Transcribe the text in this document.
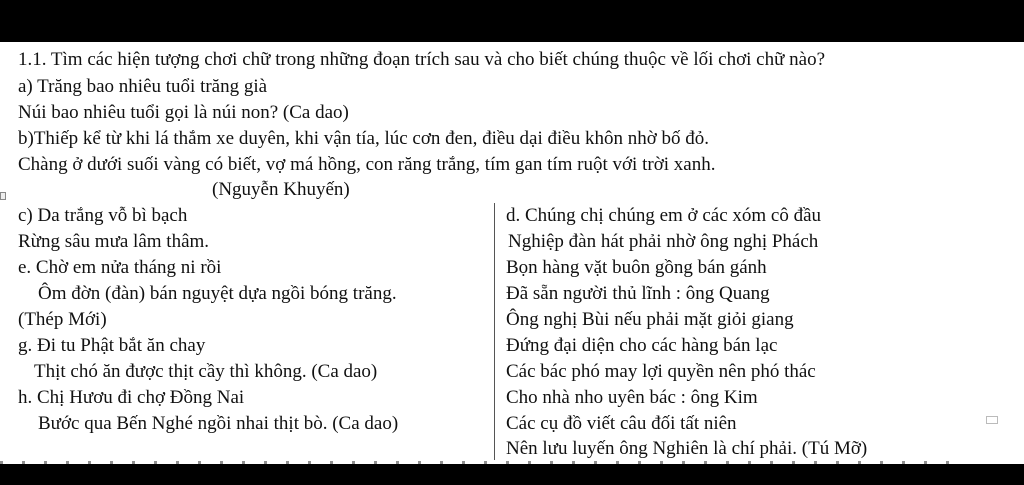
1.1. Tìm các hiện tượng chơi chữ trong những đoạn trích sau và cho biết chúng thuộc về lối chơi chữ nào?
a) Trăng bao nhiêu tuổi trăng già
Núi bao nhiêu tuổi gọi là núi non? (Ca dao)
b)Thiếp kể từ khi lá thắm xe duyên, khi vận tía, lúc cơn đen, điều dại điều khôn nhờ bố đỏ.
Chàng ở dưới suối vàng có biết, vợ má hồng, con răng trắng, tím gan tím ruột với trời xanh.
(Nguyễn Khuyến)
c) Da trắng vỗ bì bạch
Rừng sâu mưa lâm thâm.
e. Chờ em nửa tháng ni rồi
Ôm đờn (đàn) bán nguyệt dựa ngồi bóng trăng.
(Thép Mới)
g. Đi tu Phật bắt ăn chay
Thịt chó ăn được thịt cầy thì không. (Ca dao)
h. Chị Hươu đi chợ Đồng Nai
Bước qua Bến Nghé ngồi nhai thịt bò. (Ca dao)
d. Chúng chị chúng em ở các xóm cô đầu
Nghiệp đàn hát phải nhờ ông nghị Phách
Bọn hàng vặt buôn gồng bán gánh
Đã sẵn người thủ lĩnh : ông Quang
Ông nghị Bùi nếu phải mặt giỏi giang
Đứng đại diện cho các hàng bán lạc
Các bác phó may lợi quyền nên phó thác
Cho nhà nho uyên bác : ông Kim
Các cụ đồ viết câu đối tất niên
Nên lưu luyến ông Nghiên là chí phải. (Tú Mỡ)
